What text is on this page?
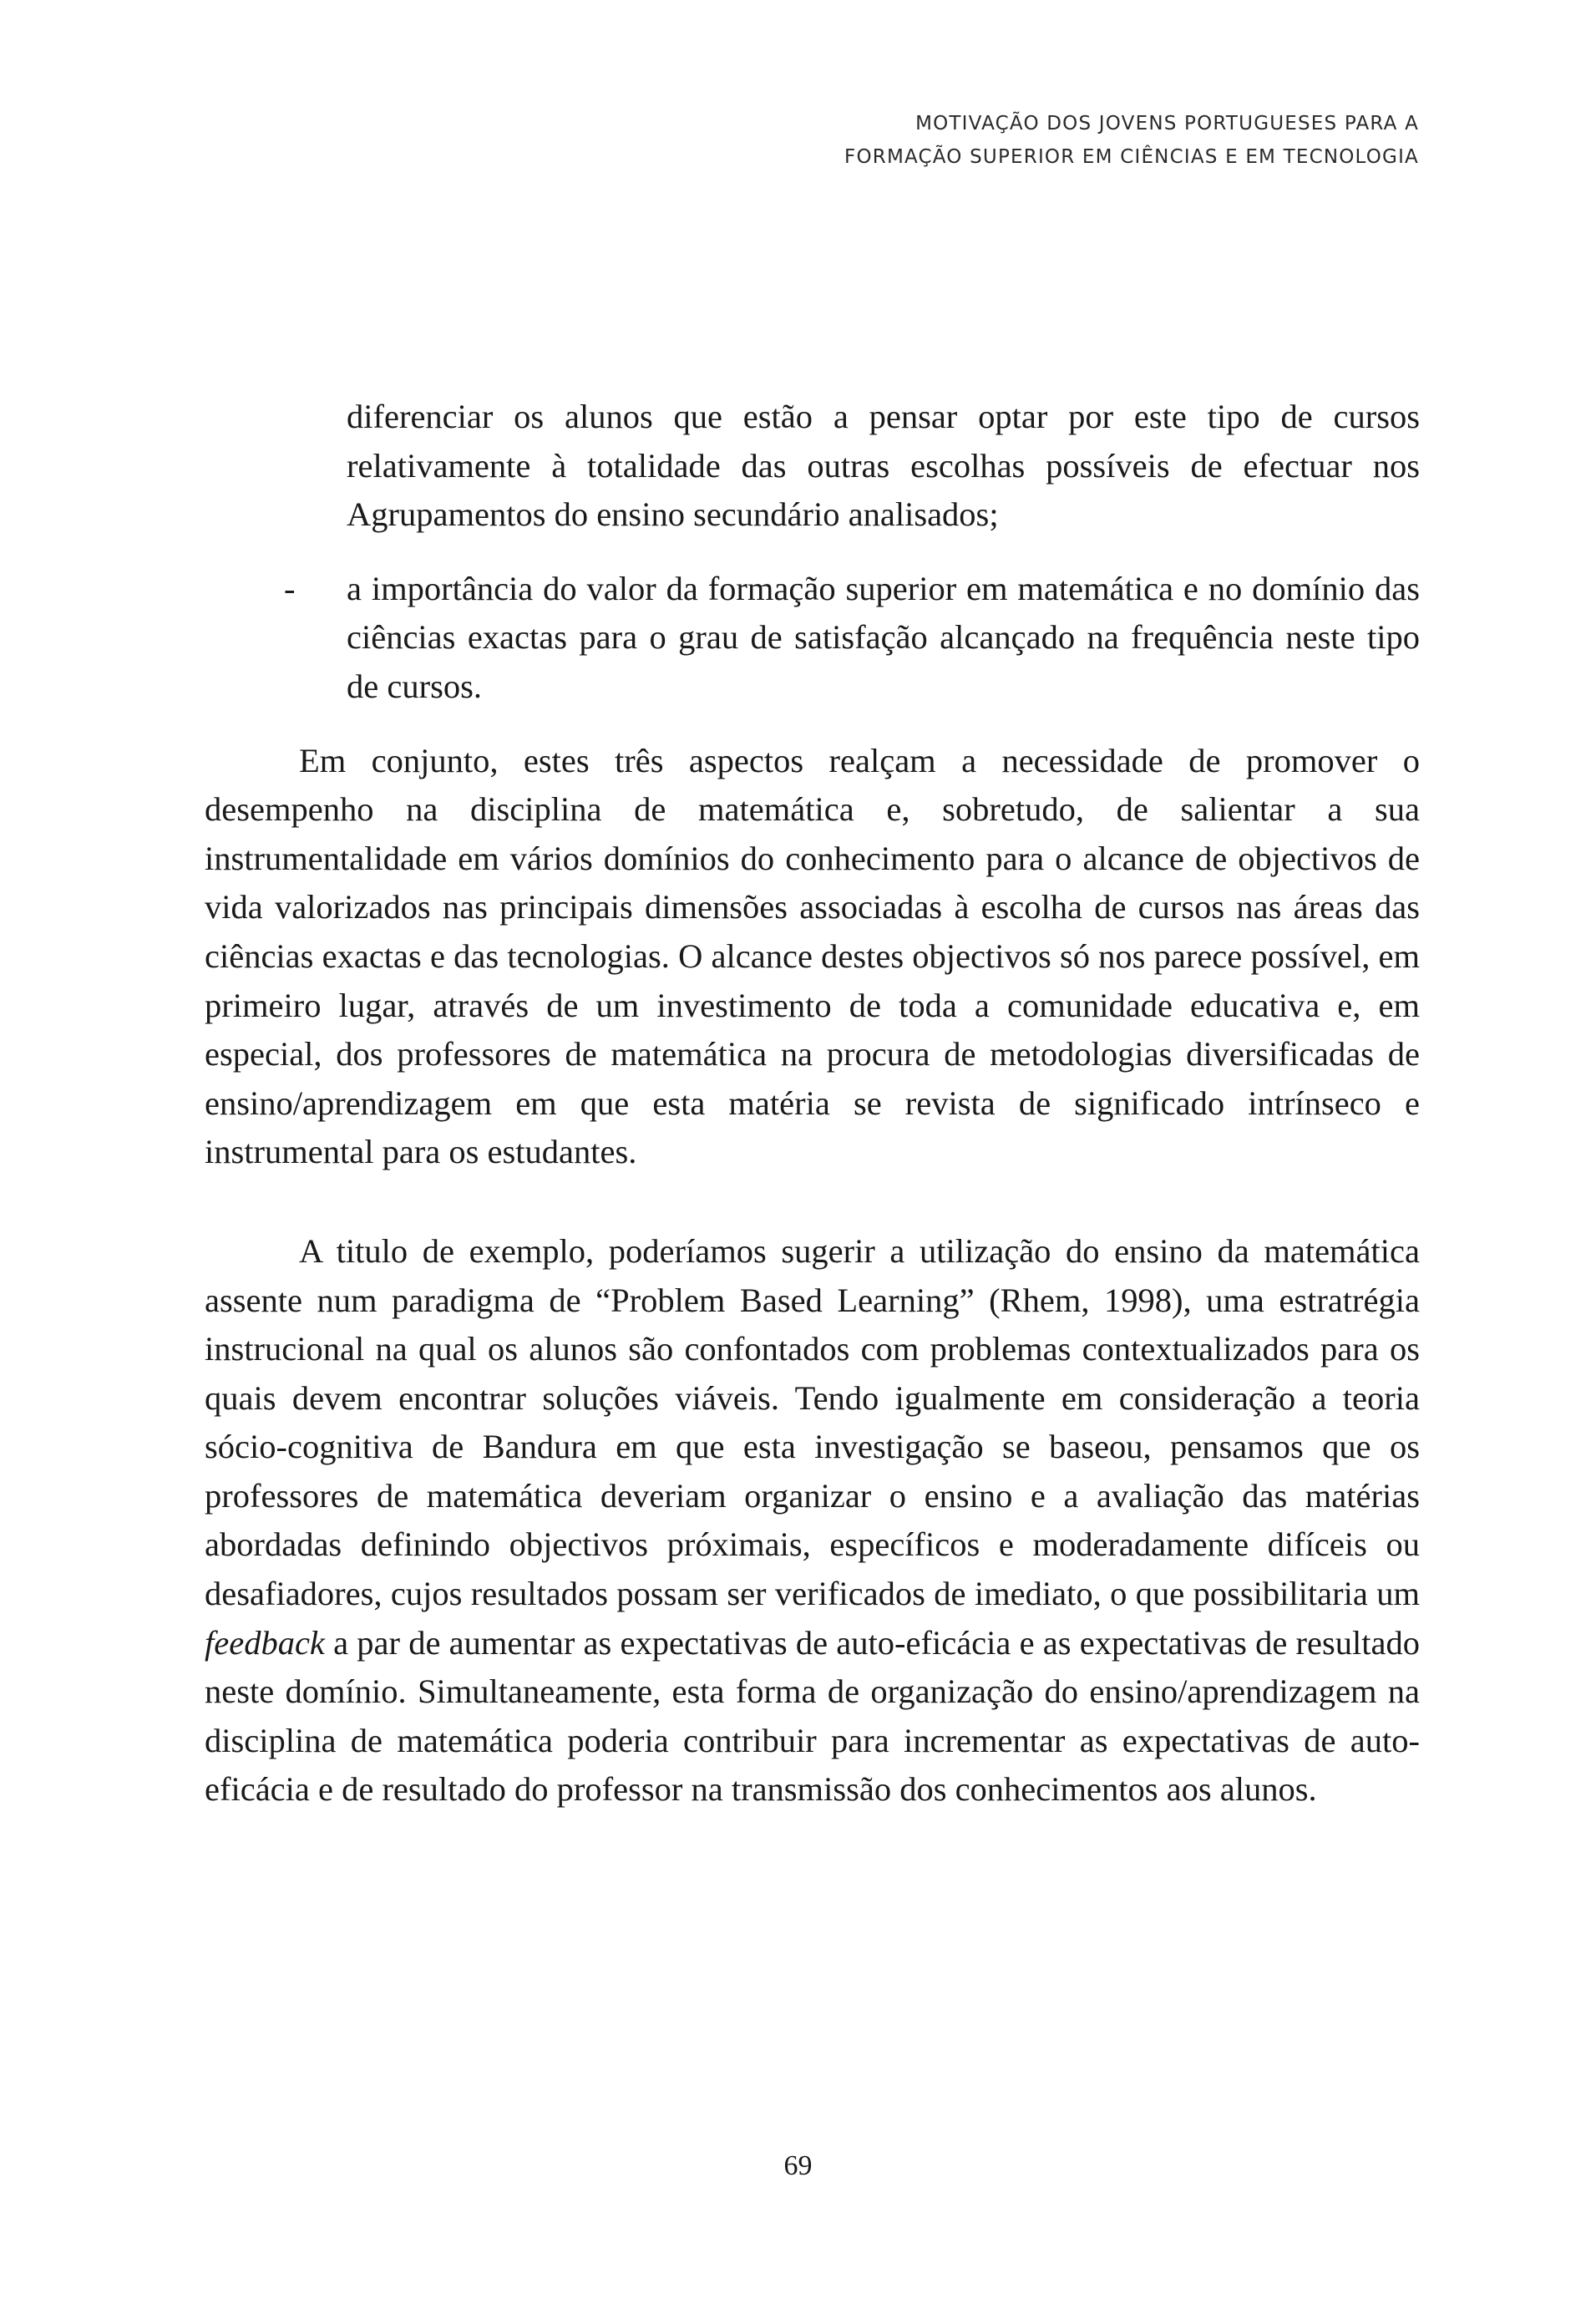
MOTIVAÇÃO DOS JOVENS PORTUGUESES PARA A
FORMAÇÃO SUPERIOR EM CIÊNCIAS E EM TECNOLOGIA

diferenciar os alunos que estão a pensar optar por este tipo de cursos relativamente à totalidade das outras escolhas possíveis de efectuar nos Agrupamentos do ensino secundário analisados;

- a importância do valor da formação superior em matemática e no domínio das ciências exactas para o grau de satisfação alcançado na frequência neste tipo de cursos.

Em conjunto, estes três aspectos realçam a necessidade de promover o desempenho na disciplina de matemática e, sobretudo, de salientar a sua instrumentalidade em vários domínios do conhecimento para o alcance de objectivos de vida valorizados nas principais dimensões associadas à escolha de cursos nas áreas das ciências exactas e das tecnologias. O alcance destes objectivos só nos parece possível, em primeiro lugar, através de um investimento de toda a comunidade educativa e, em especial, dos professores de matemática na procura de metodologias diversificadas de ensino/aprendizagem em que esta matéria se revista de significado intrínseco e instrumental para os estudantes.

A titulo de exemplo, poderíamos sugerir a utilização do ensino da matemática assente num paradigma de “Problem Based Learning” (Rhem, 1998), uma estratrégia instrucional na qual os alunos são confontados com problemas contextualizados para os quais devem encontrar soluções viáveis. Tendo igualmente em consideração a teoria sócio-cognitiva de Bandura em que esta investigação se baseou, pensamos que os professores de matemática deveriam organizar o ensino e a avaliação das matérias abordadas definindo objectivos próximais, específicos e moderadamente difíceis ou desafiadores, cujos resultados possam ser verificados de imediato, o que possibilitaria um feedback a par de aumentar as expectativas de auto-eficácia e as expectativas de resultado neste domínio. Simultaneamente, esta forma de organização do ensino/aprendizagem na disciplina de matemática poderia contribuir para incrementar as expectativas de auto-eficácia e de resultado do professor na transmissão dos conhecimentos aos alunos.

69
